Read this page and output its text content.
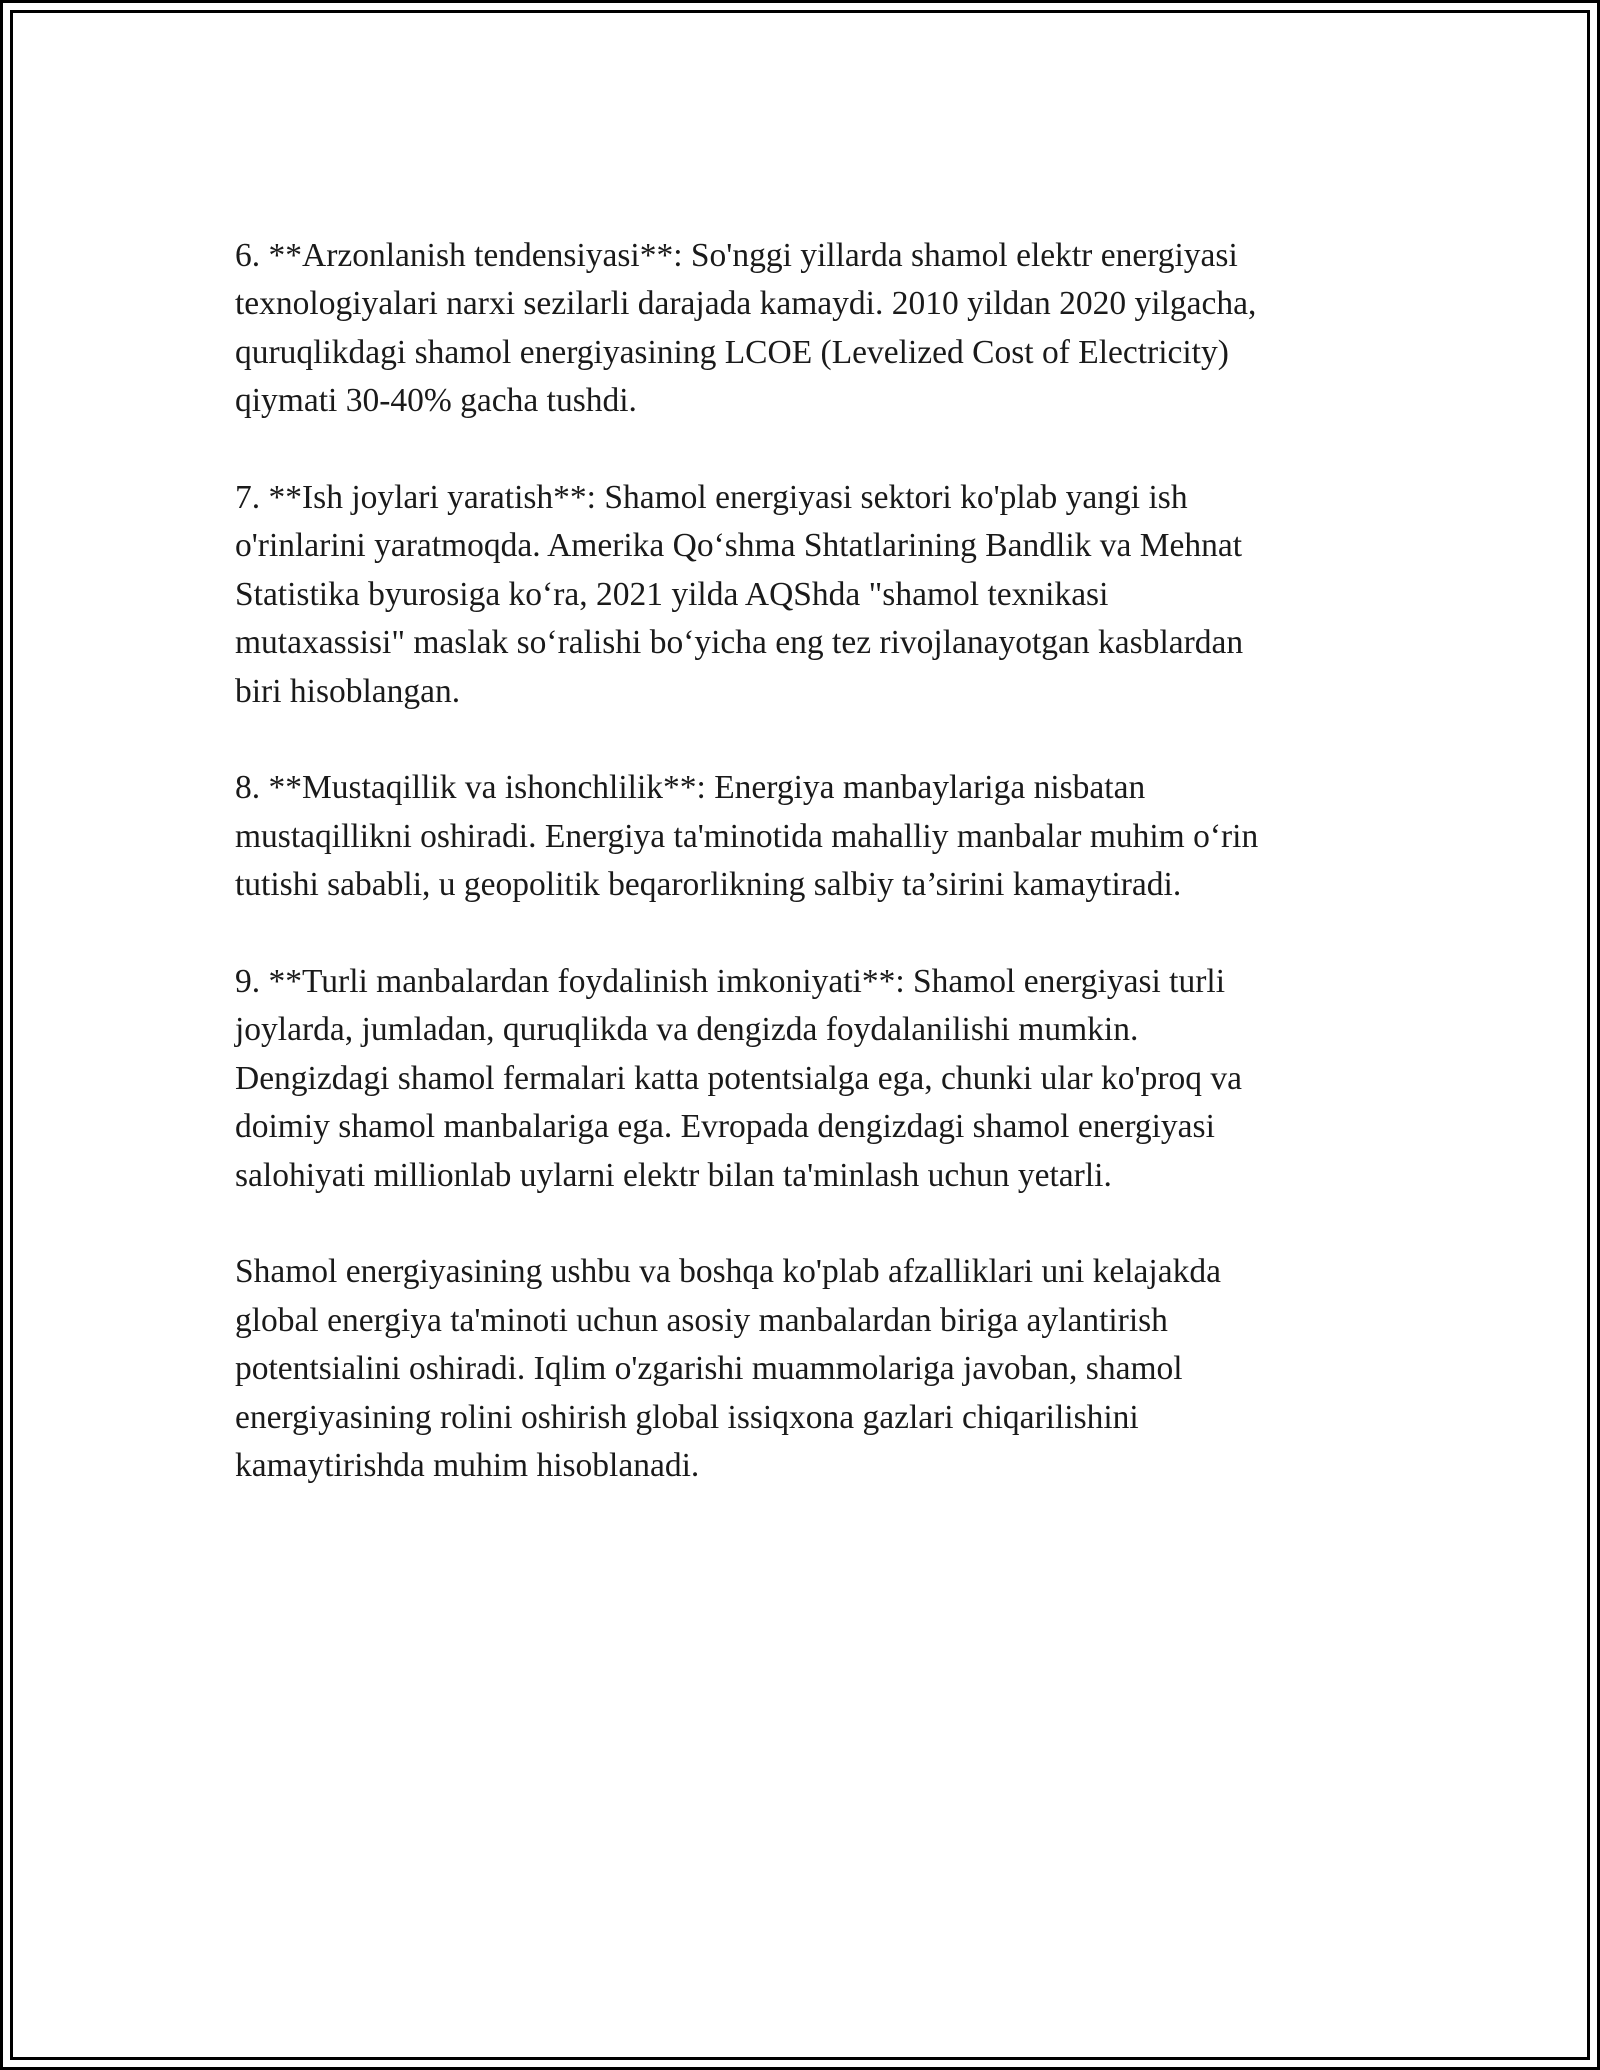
6. **Arzonlanish tendensiyasi**: So'nggi yillarda shamol elektr energiyasi
texnologiyalari narxi sezilarli darajada kamaydi. 2010 yildan 2020 yilgacha,
quruqlikdagi shamol energiyasining LCOE (Levelized Cost of Electricity)
qiymati 30-40% gacha tushdi.

7. **Ish joylari yaratish**: Shamol energiyasi sektori ko'plab yangi ish
o'rinlarini yaratmoqda. Amerika Qo‘shma Shtatlarining Bandlik va Mehnat
Statistika byurosiga ko‘ra, 2021 yilda AQShda "shamol texnikasi
mutaxassisi" maslak so‘ralishi bo‘yicha eng tez rivojlanayotgan kasblardan
biri hisoblangan.

8. **Mustaqillik va ishonchlilik**: Energiya manbaylariga nisbatan
mustaqillikni oshiradi. Energiya ta'minotida mahalliy manbalar muhim o‘rin
tutishi sababli, u geopolitik beqarorlikning salbiy ta’sirini kamaytiradi.

9. **Turli manbalardan foydalinish imkoniyati**: Shamol energiyasi turli
joylarda, jumladan, quruqlikda va dengizda foydalanilishi mumkin.
Dengizdagi shamol fermalari katta potentsialga ega, chunki ular ko'proq va
doimiy shamol manbalariga ega. Evropada dengizdagi shamol energiyasi
salohiyati millionlab uylarni elektr bilan ta'minlash uchun yetarli.

Shamol energiyasining ushbu va boshqa ko'plab afzalliklari uni kelajakda
global energiya ta'minoti uchun asosiy manbalardan biriga aylantirish
potentsialini oshiradi. Iqlim o'zgarishi muammolariga javoban, shamol
energiyasining rolini oshirish global issiqxona gazlari chiqarilishini
kamaytirishda muhim hisoblanadi.
